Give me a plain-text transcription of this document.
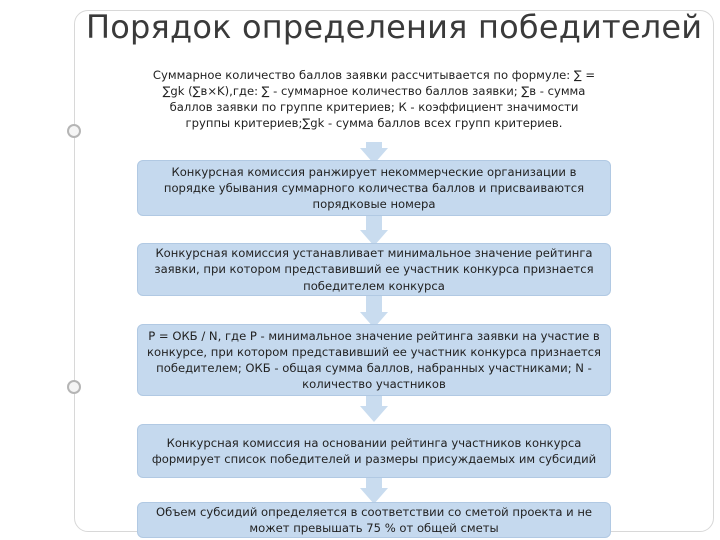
Порядок определения победителей
Суммарное количество баллов заявки рассчитывается по формуле: ∑ = ∑gk (∑в×K),где: ∑ - суммарное количество баллов заявки; ∑в - сумма баллов заявки по группе критериев; К - коэффициент значимости группы критериев;∑gk - сумма баллов всех групп критериев.
Конкурсная комиссия ранжирует некоммерческие организации в порядке убывания суммарного количества баллов и присваиваются порядковые номера
Конкурсная комиссия устанавливает минимальное значение рейтинга заявки, при котором представивший ее участник конкурса признается победителем конкурса
Р = ОКБ / N, где Р - минимальное значение рейтинга заявки на участие в конкурсе, при котором представивший ее участник конкурса признается победителем; ОКБ - общая сумма баллов, набранных участниками; N - количество участников
Конкурсная комиссия на основании рейтинга участников конкурса формирует список победителей и размеры присуждаемых им субсидий
Объем субсидий определяется в соответствии со сметой проекта и не может превышать 75 % от общей сметы
